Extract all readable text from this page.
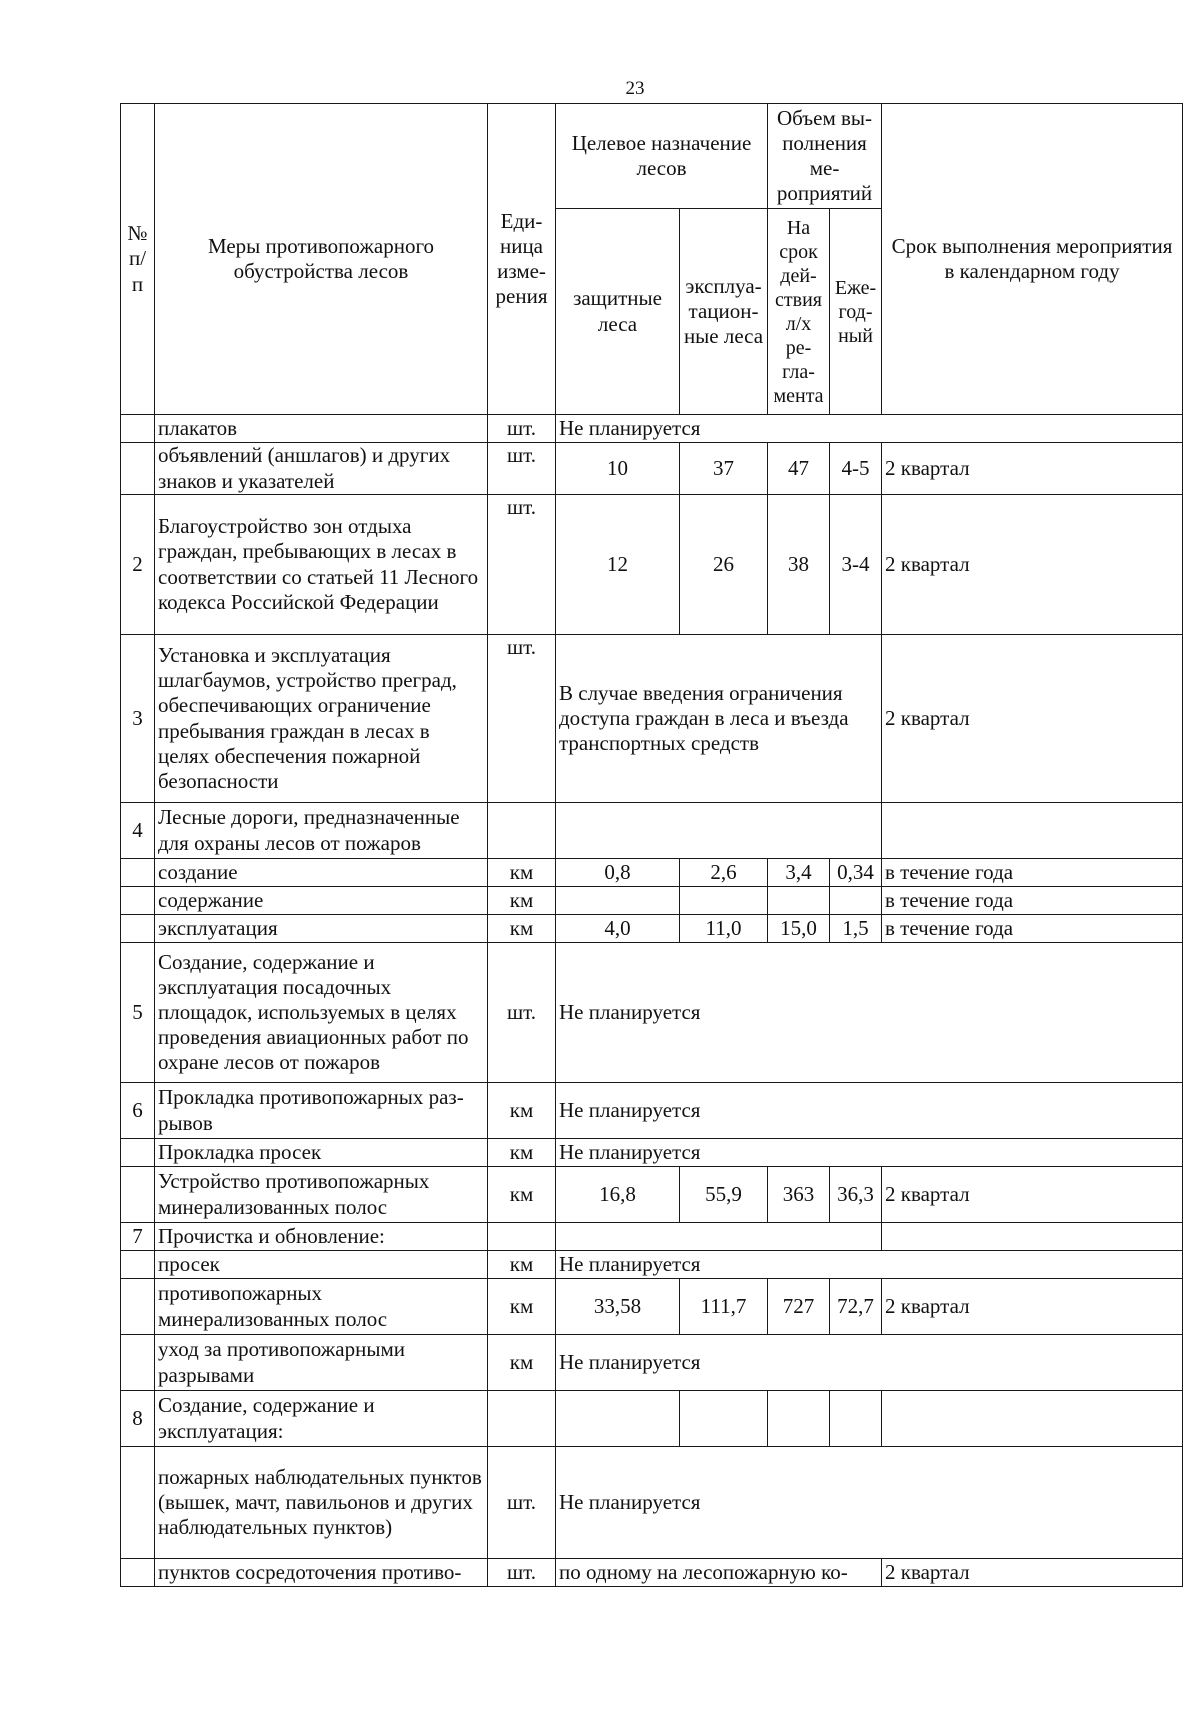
23
№ п/п	Меры противопожарного обустройства лесов	Еди-ница изме-рения	Целевое назначение лесов		Объем вы-полнения ме-роприятий		Срок выполнения мероприятия в календарном году
			защитные леса	эксплуа-тацион-ные леса	На срок дей-ствия л/х ре-гла-мента	Еже-год-ный	
	плакатов	шт.	Не планируется				
	объявлений (аншлагов) и других знаков и указателей	шт.	10	37	47	4-5	2 квартал
2	Благоустройство зон отдыха граждан, пребывающих в лесах в соответствии со статьей 11 Лесного кодекса Российской Федерации	шт.	12	26	38	3-4	2 квартал
3	Установка и эксплуатация шлагбаумов, устройство преград, обеспечивающих ограничение пребывания граждан в лесах в целях обеспечения пожарной безопасности	шт.	В случае введения ограничения доступа граждан в леса и въезда транспортных средств				2 квартал
4	Лесные дороги, предназначенные для охраны лесов от пожаров						
	создание	км	0,8	2,6	3,4	0,34	в течение года
	содержание	км					в течение года
	эксплуатация	км	4,0	11,0	15,0	1,5	в течение года
5	Создание, содержание и эксплуатация посадочных площадок, используемых в целях проведения авиационных работ по охране лесов от пожаров	шт.	Не планируется				
6	Прокладка противопожарных раз-рывов	км	Не планируется				
	Прокладка просек	км	Не планируется				
	Устройство противопожарных минерализованных полос	км	16,8	55,9	363	36,3	2 квартал
7	Прочистка и обновление:						
	просек	км	Не планируется				
	противопожарных минерализованных полос	км	33,58	111,7	727	72,7	2 квартал
	уход за противопожарными разрывами	км	Не планируется				
8	Создание, содержание и эксплуатация:						
	пожарных наблюдательных пунктов (вышек, мачт, павильонов и других наблюдательных пунктов)	шт.	Не планируется				
	пунктов сосредоточения противо-	шт.	по одному на лесопожарную ко-				2 квартал
